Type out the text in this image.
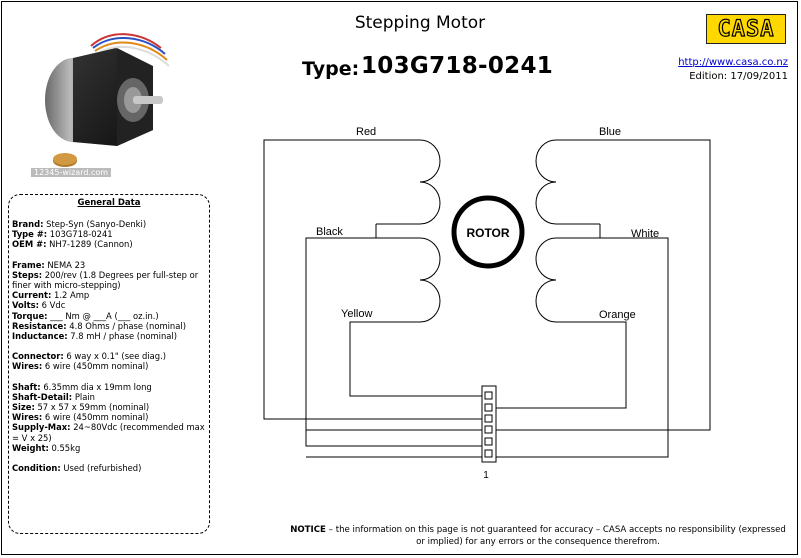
Stepping Motor
Type: 103G718-0241
CASA
http://www.casa.co.nz
Edition: 17/09/2011
12345-wizard.com
General Data
Brand: Step-Syn (Sanyo-Denki)
Type #: 103G718-0241
OEM #: NH7-1289 (Cannon)
Frame: NEMA 23
Steps: 200/rev (1.8 Degrees per full-step or finer with micro-stepping)
Current: 1.2 Amp
Volts: 6 Vdc
Torque: ___ Nm @ ___A (___ oz.in.)
Resistance: 4.8 Ohms / phase (nominal)
Inductance: 7.8 mH / phase (nominal)
Connector: 6 way x 0.1" (see diag.)
Wires: 6 wire (450mm nominal)
Shaft: 6.35mm dia x 19mm long
Shaft-Detail: Plain
Size: 57 x 57 x 59mm (nominal)
Wires: 6 wire (450mm nominal)
Supply-Max: 24~80Vdc (recommended max = V x 25)
Weight: 0.55kg
Condition: Used (refurbished)
ROTOR
1
Red
Black
Yellow
Blue
White
Orange
NOTICE – the information on this page is not guaranteed for accuracy – CASA accepts no responsibility (expressed or implied) for any errors or the consequence therefrom.
